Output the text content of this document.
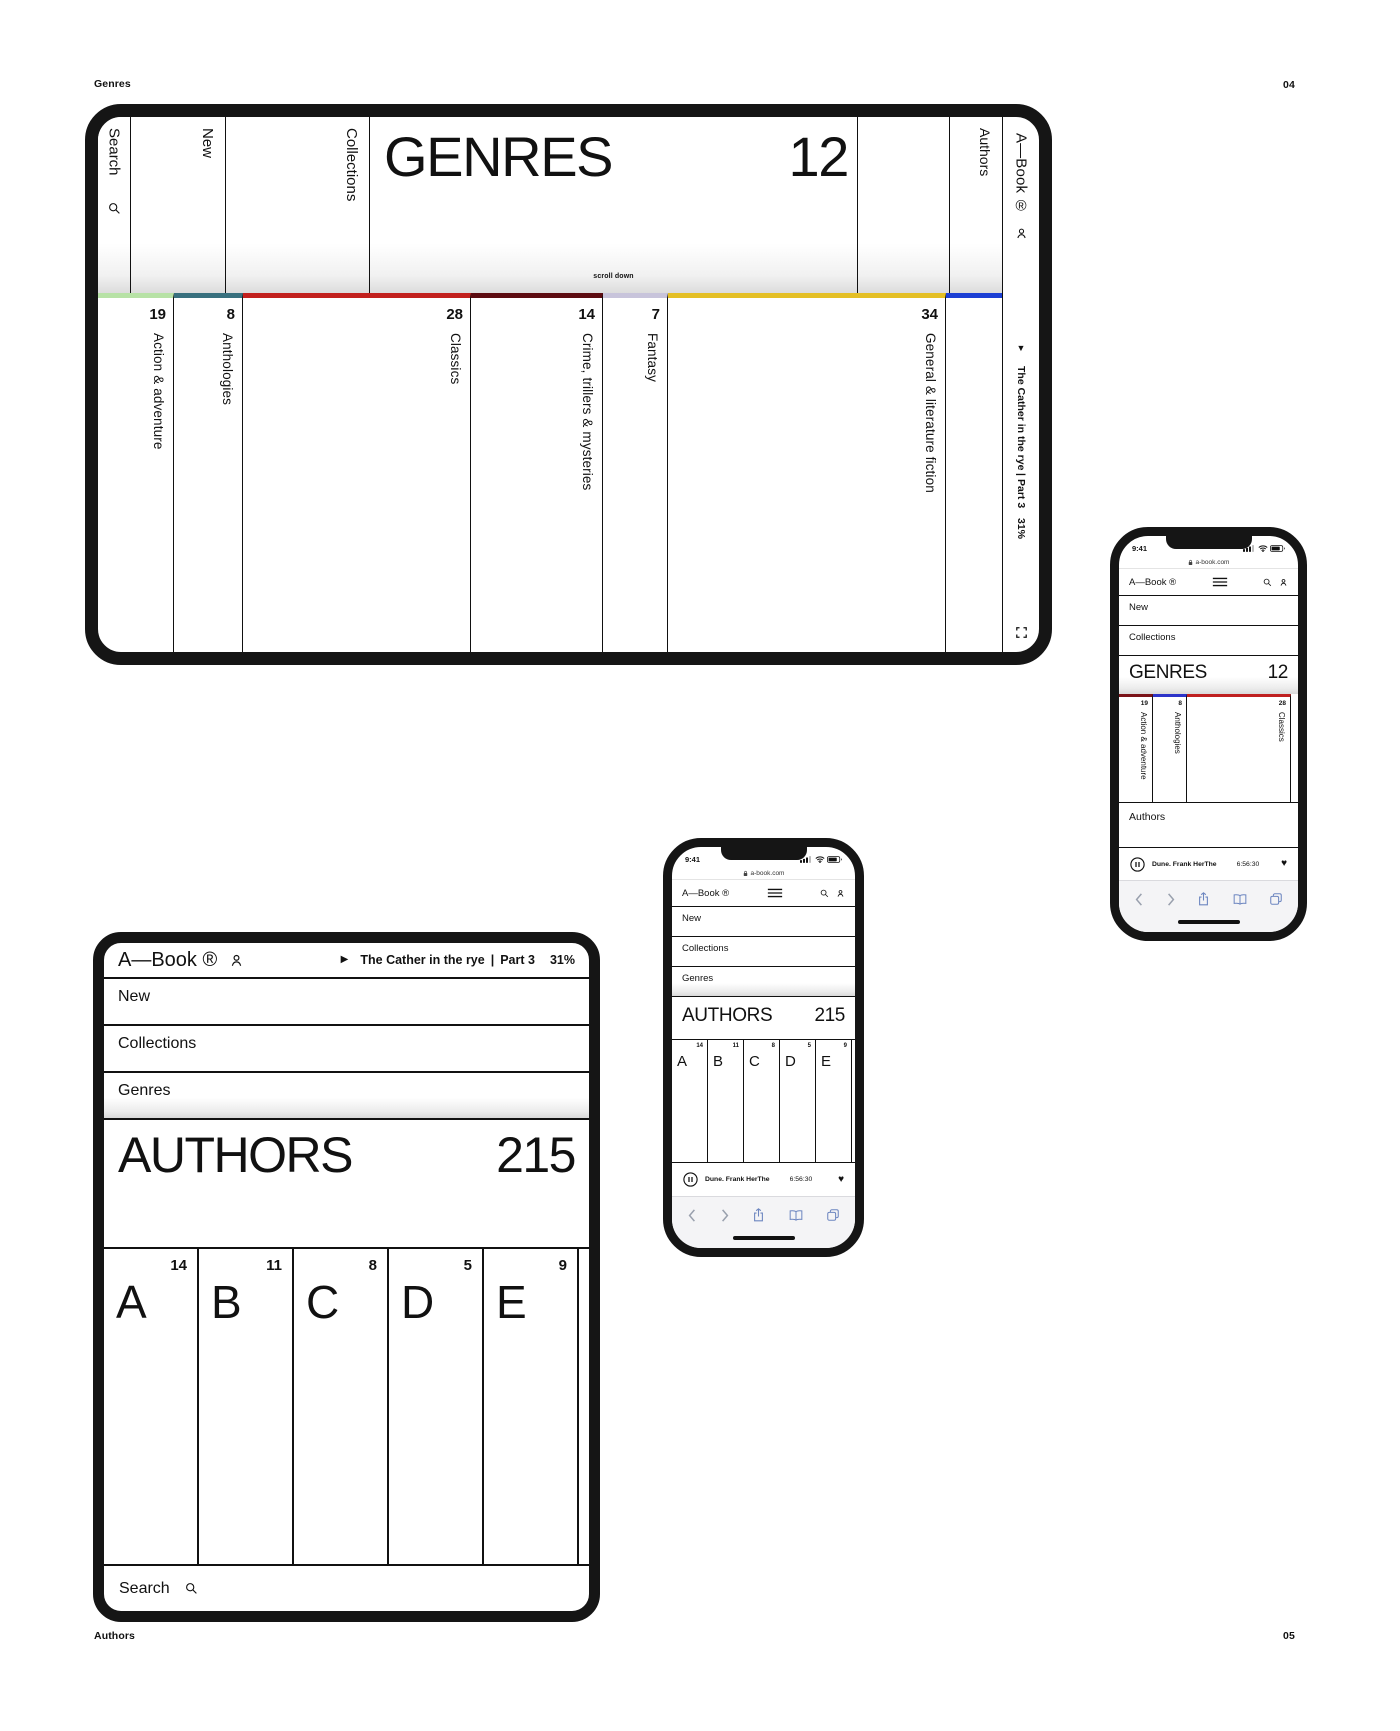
Genres	04
Authors	05
Search	New	Collections GENRES	12
scroll down
Authors
19
Action & adventure
8
Anthologies
28
Classics
14
Crime, trillers & mysteries
7
Fantasy
34
General & literature fiction
A—Book ®
▼
The Cather in the rye
|
Part 3
31%
9:41
a-book.com
A—Book ®
New
Collections
GENRES	12
19
Action & adventure
8
Anthologies
28
Classics
Authors
Dune. Frank HerThe	6:56:30 ♥
9:41
a-book.com
A—Book ®
New
Collections
Genres
AUTHORS 215
14
A
11
B
8
C
5
D
9
E
Dune. Frank HerThe	6:56:30	♥
A—Book ®	▶ The Cather in the rye | Part 3 31%
New
Collections
Genres
AUTHORS	215
14
A
11
B
8
C
5
D
9
E
Search
